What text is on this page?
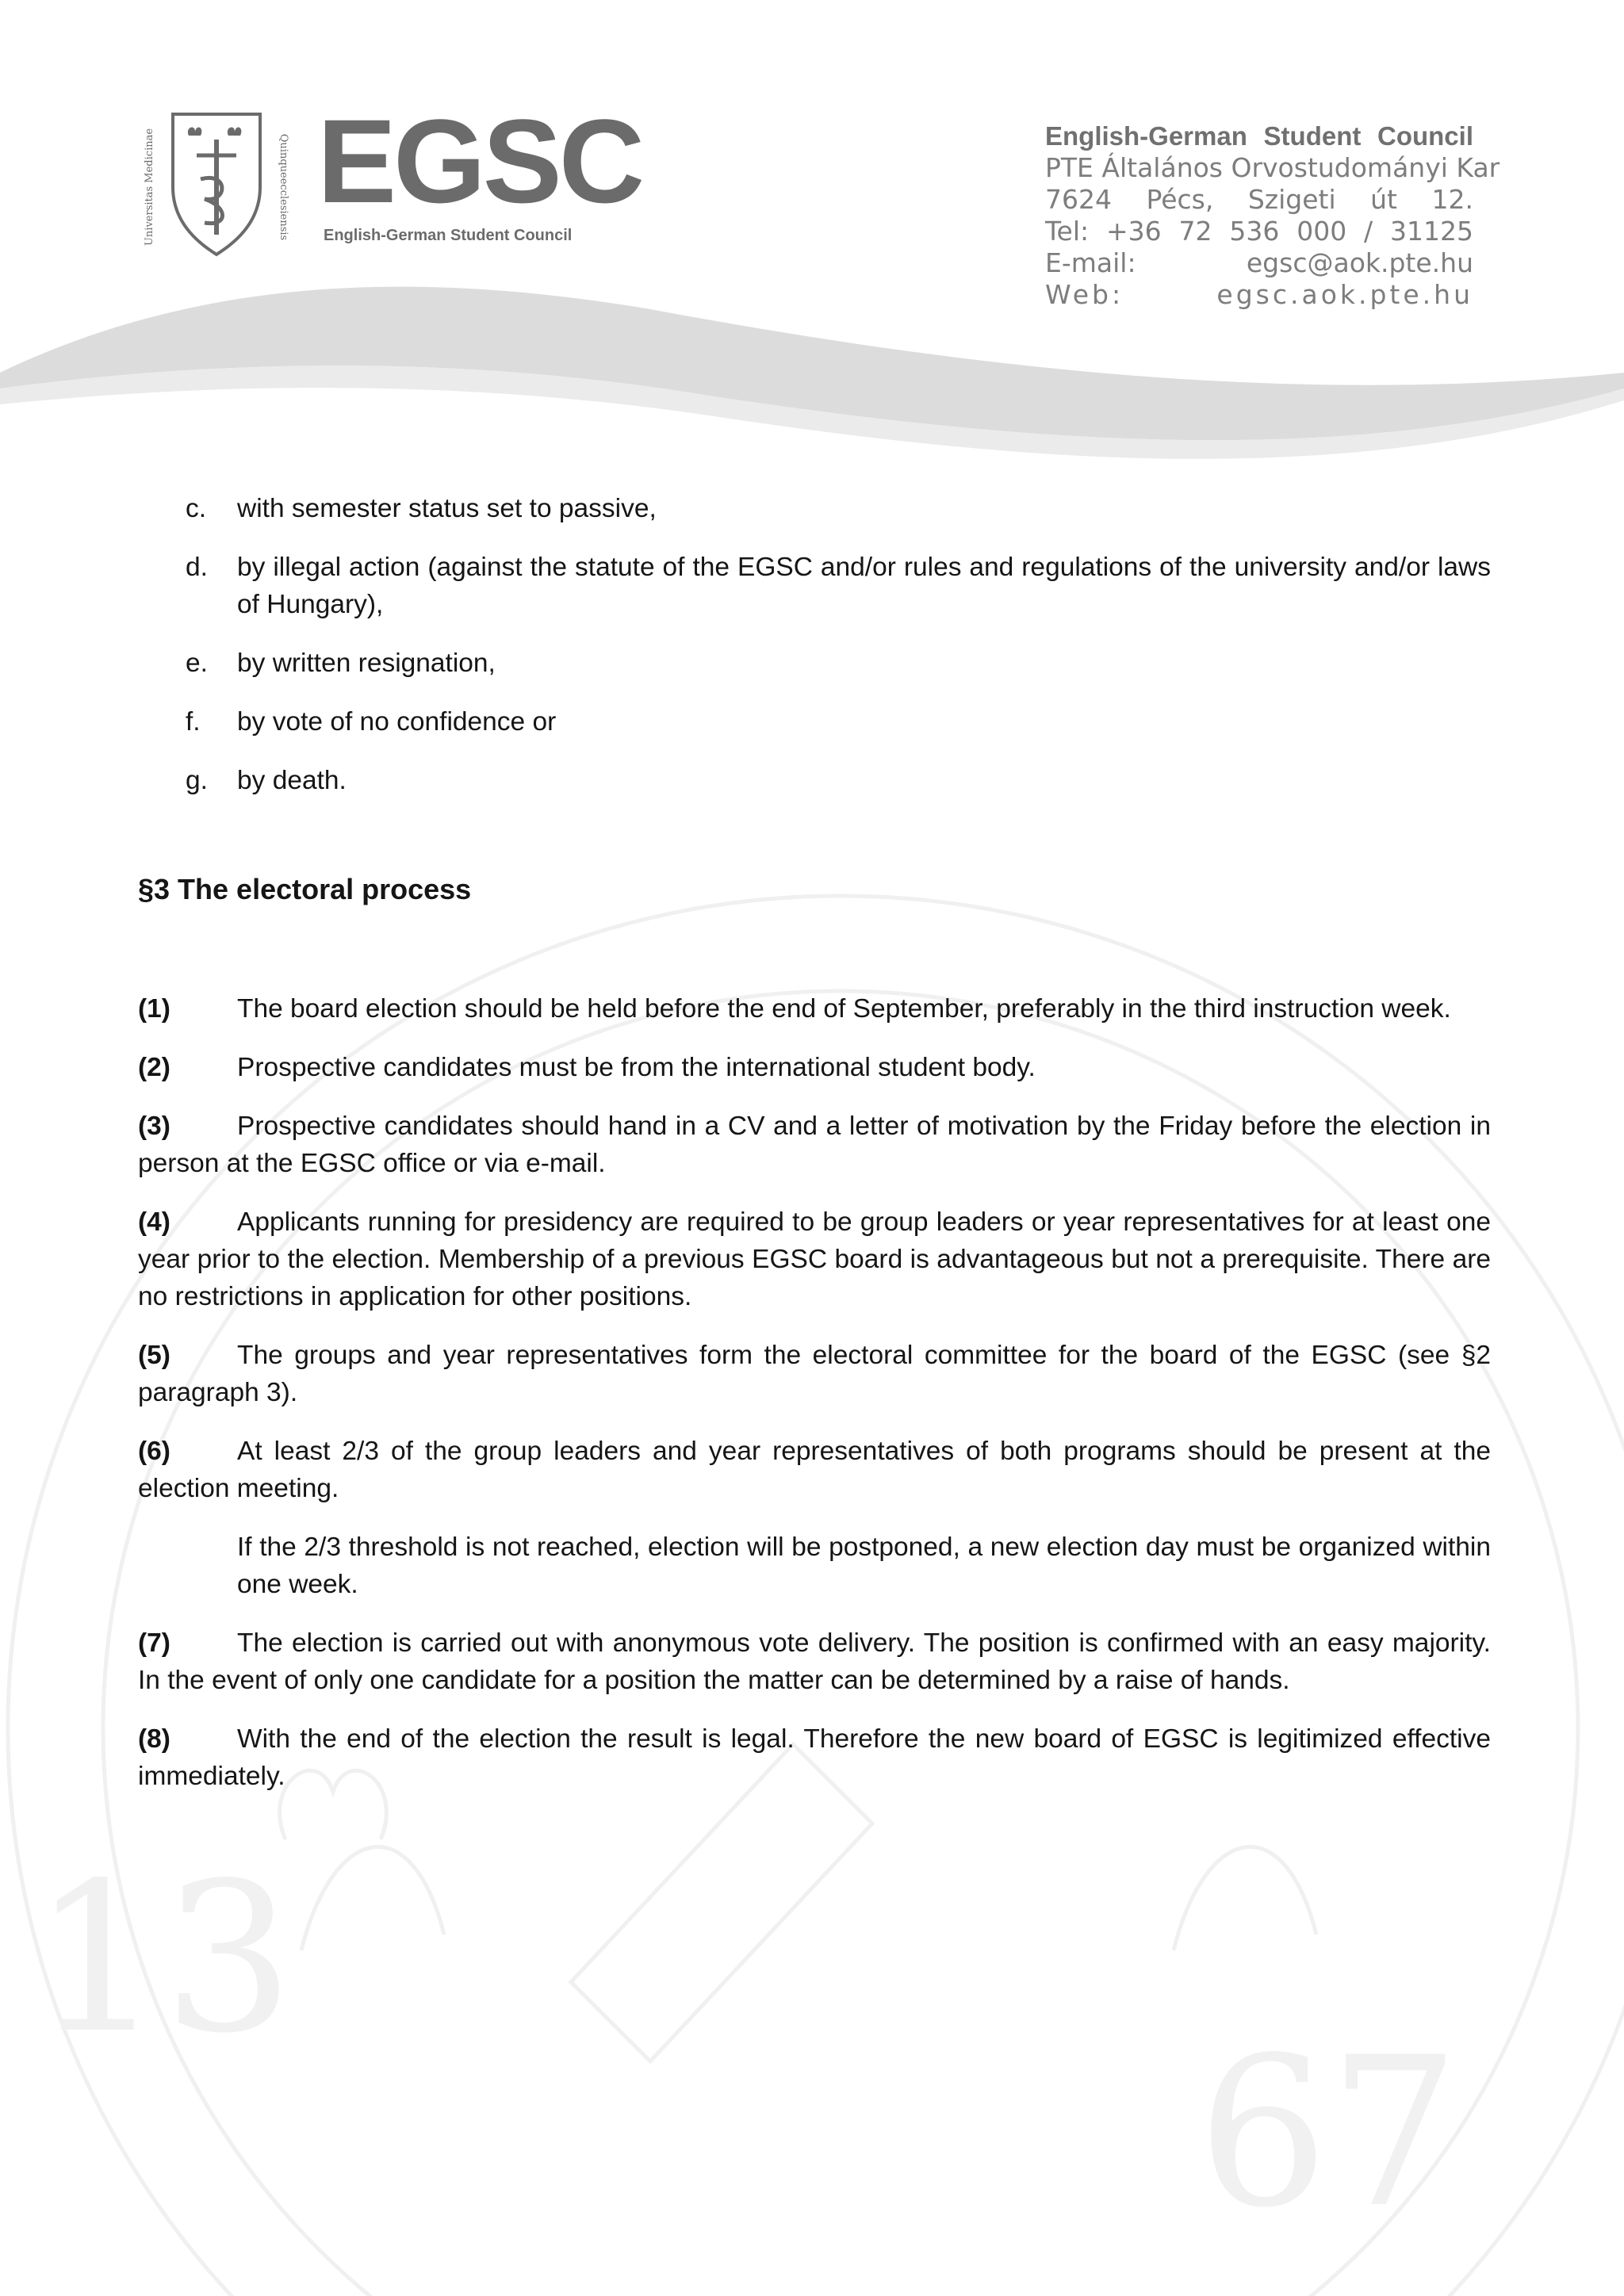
13
67
Universitas Medicinae	Quinqueecclesiensis EGSC
English-German Student Council
English-German Student Council
PTE Általános Orvostudományi Kar
7624 Pécs, Szigeti út 12.
Tel: +36 72 536 000 / 31125
E-mail: egsc@aok.pte.hu
Web:	egsc.aok.pte.hu
c. with semester status set to passive,
d. by illegal action (against the statute of the EGSC and/or rules and regulations of the university and/or laws of Hungary),
e. by written resignation,
f. by vote of no confidence or
g. by death.
§3 The electoral process
(1)	The board election should be held before the end of September, preferably in the third instruction week.
(2)	Prospective candidates must be from the international student body.
(3)	Prospective candidates should hand in a CV and a letter of motivation by the Friday before the election in person at the EGSC office or via e-mail.
(4)	Applicants running for presidency are required to be group leaders or year representatives for at least one year prior to the election. Membership of a previous EGSC board is advantageous but not a prerequisite. There are no restrictions in application for other positions.
(5)	The groups and year representatives form the electoral committee for the board of the EGSC (see §2 paragraph 3).
(6)	At least 2/3 of the group leaders and year representatives of both programs should be present at the election meeting.
If the 2/3 threshold is not reached, election will be postponed, a new election day must be organized within one week.
(7)	The election is carried out with anonymous vote delivery. The position is confirmed with an easy majority. In the event of only one candidate for a position the matter can be determined by a raise of hands.
(8)	With the end of the election the result is legal. Therefore the new board of EGSC is legitimized effective immediately.
